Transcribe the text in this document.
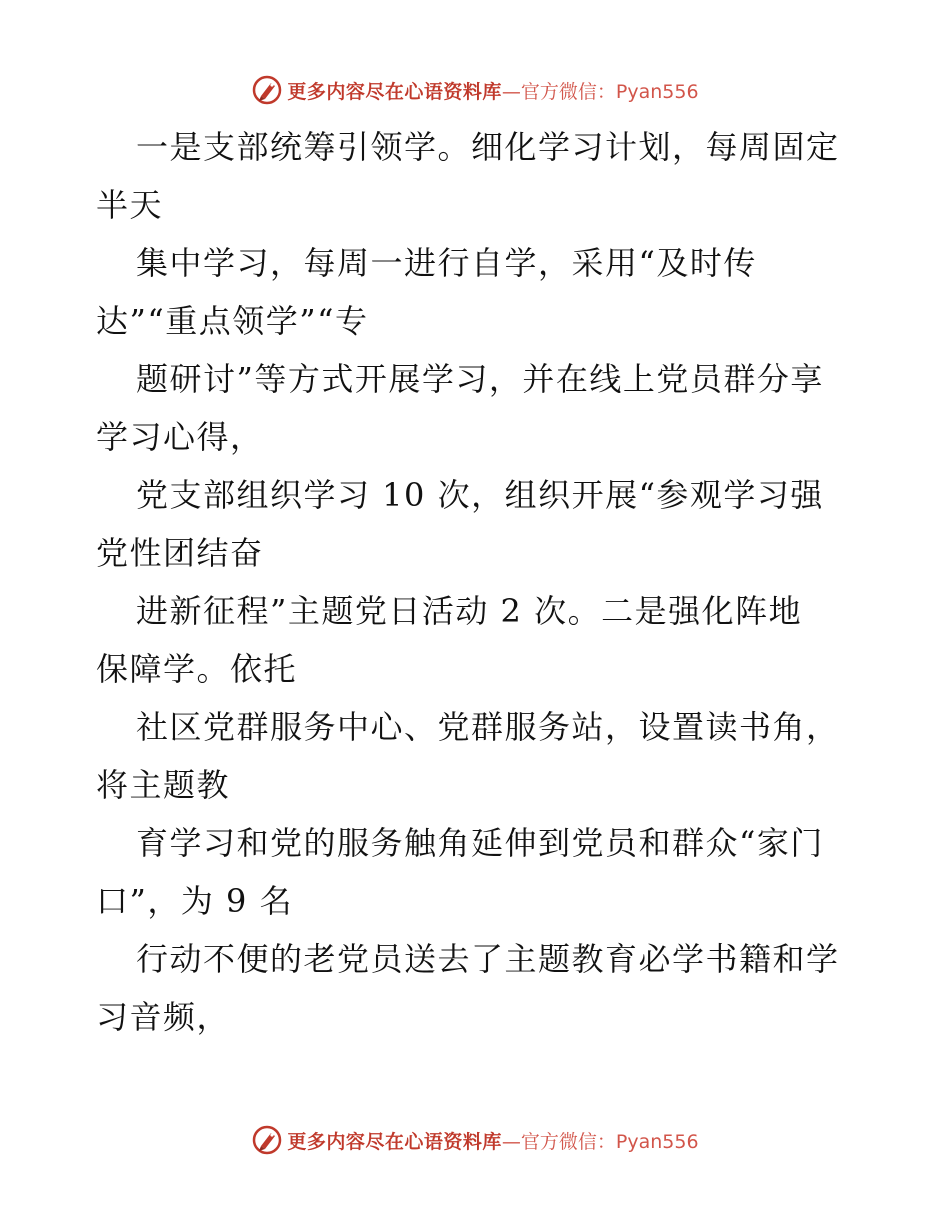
更多内容尽在心语资料库 —官方微信：Pyan556
一是支部统筹引领学。细化学习计划，每周固定
半天
集中学习，每周一进行自学，采用“及时传
达”“重点领学”“专
题研讨”等方式开展学习，并在线上党员群分享
学习心得，
党支部组织学习 10 次，组织开展“参观学习强
党性团结奋
进新征程”主题党日活动 2 次。二是强化阵地
保障学。依托
社区党群服务中心、党群服务站，设置读书角，
将主题教
育学习和党的服务触角延伸到党员和群众“家门
口”，为 9 名
行动不便的老党员送去了主题教育必学书籍和学
习音频，
更多内容尽在心语资料库 —官方微信：Pyan556
